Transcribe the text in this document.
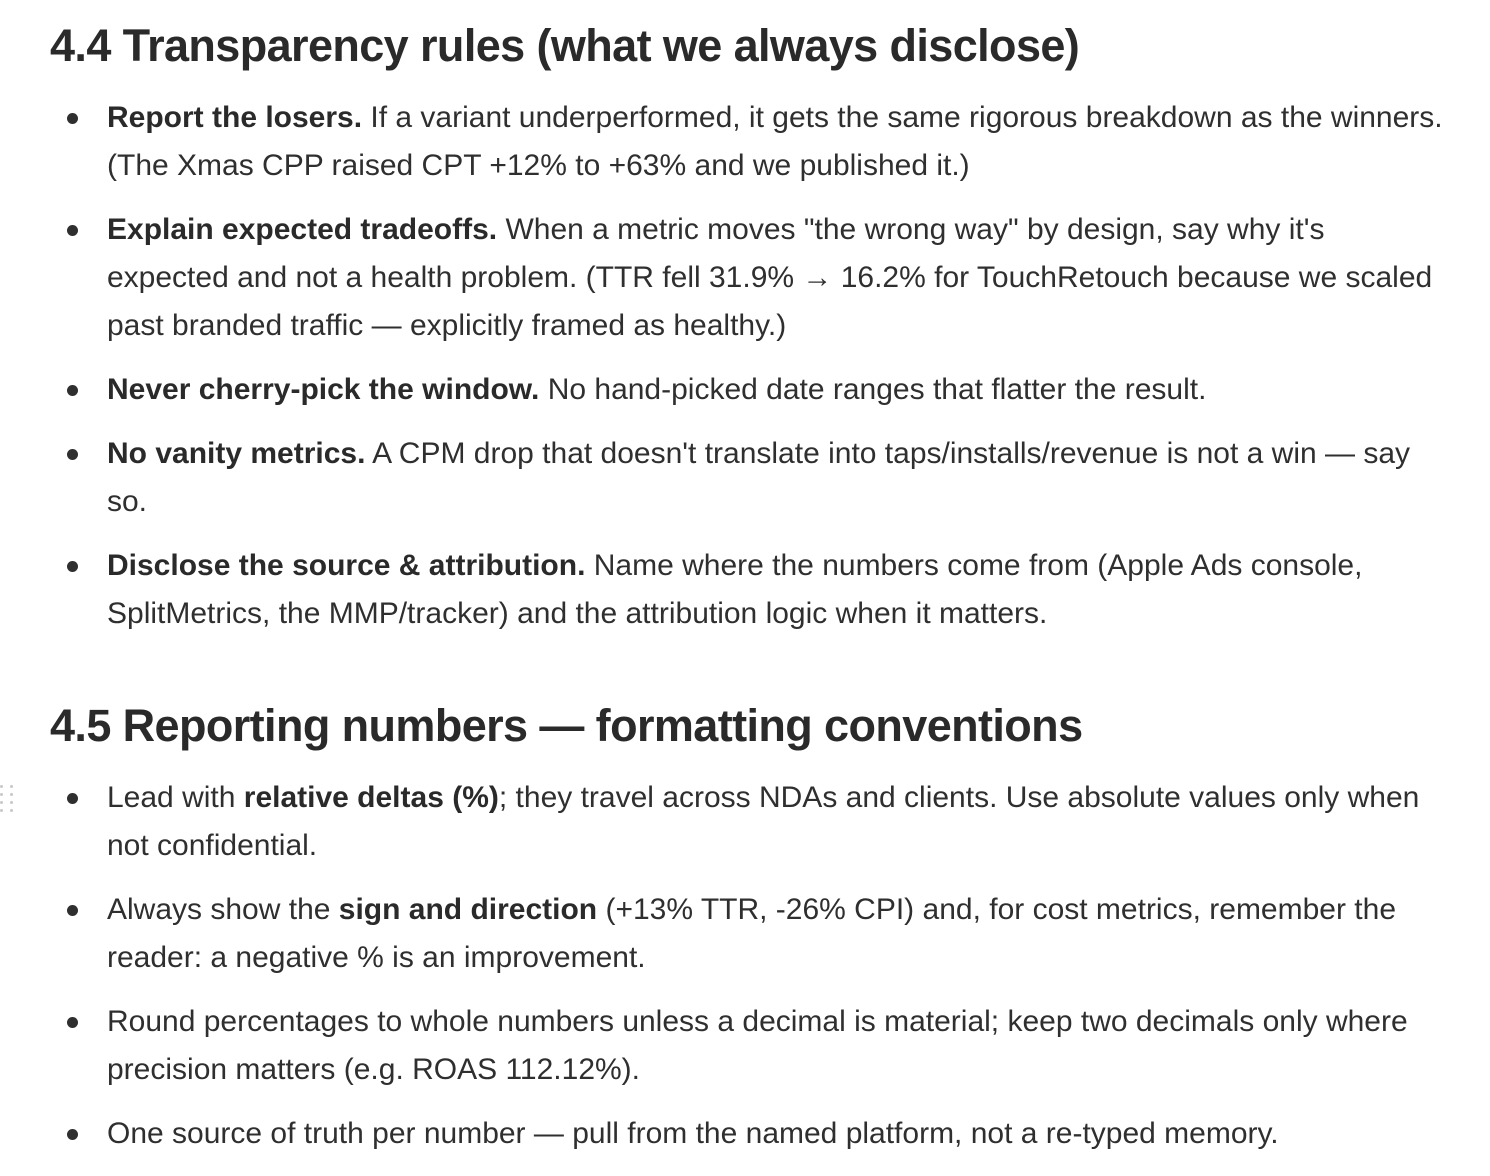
4.4 Transparency rules (what we always disclose)
Report the losers. If a variant underperformed, it gets the same rigorous breakdown as the winners. (The Xmas CPP raised CPT +12% to +63% and we published it.)
Explain expected tradeoffs. When a metric moves "the wrong way" by design, say why it's expected and not a health problem. (TTR fell 31.9% → 16.2% for TouchRetouch because we scaled past branded traffic — explicitly framed as healthy.)
Never cherry-pick the window. No hand-picked date ranges that flatter the result.
No vanity metrics. A CPM drop that doesn't translate into taps/installs/revenue is not a win — say so.
Disclose the source & attribution. Name where the numbers come from (Apple Ads console, SplitMetrics, the MMP/tracker) and the attribution logic when it matters.
4.5 Reporting numbers — formatting conventions
Lead with relative deltas (%); they travel across NDAs and clients. Use absolute values only when not confidential.
Always show the sign and direction (+13% TTR, -26% CPI) and, for cost metrics, remember the reader: a negative % is an improvement.
Round percentages to whole numbers unless a decimal is material; keep two decimals only where precision matters (e.g. ROAS 112.12%).
One source of truth per number — pull from the named platform, not a re-typed memory.
